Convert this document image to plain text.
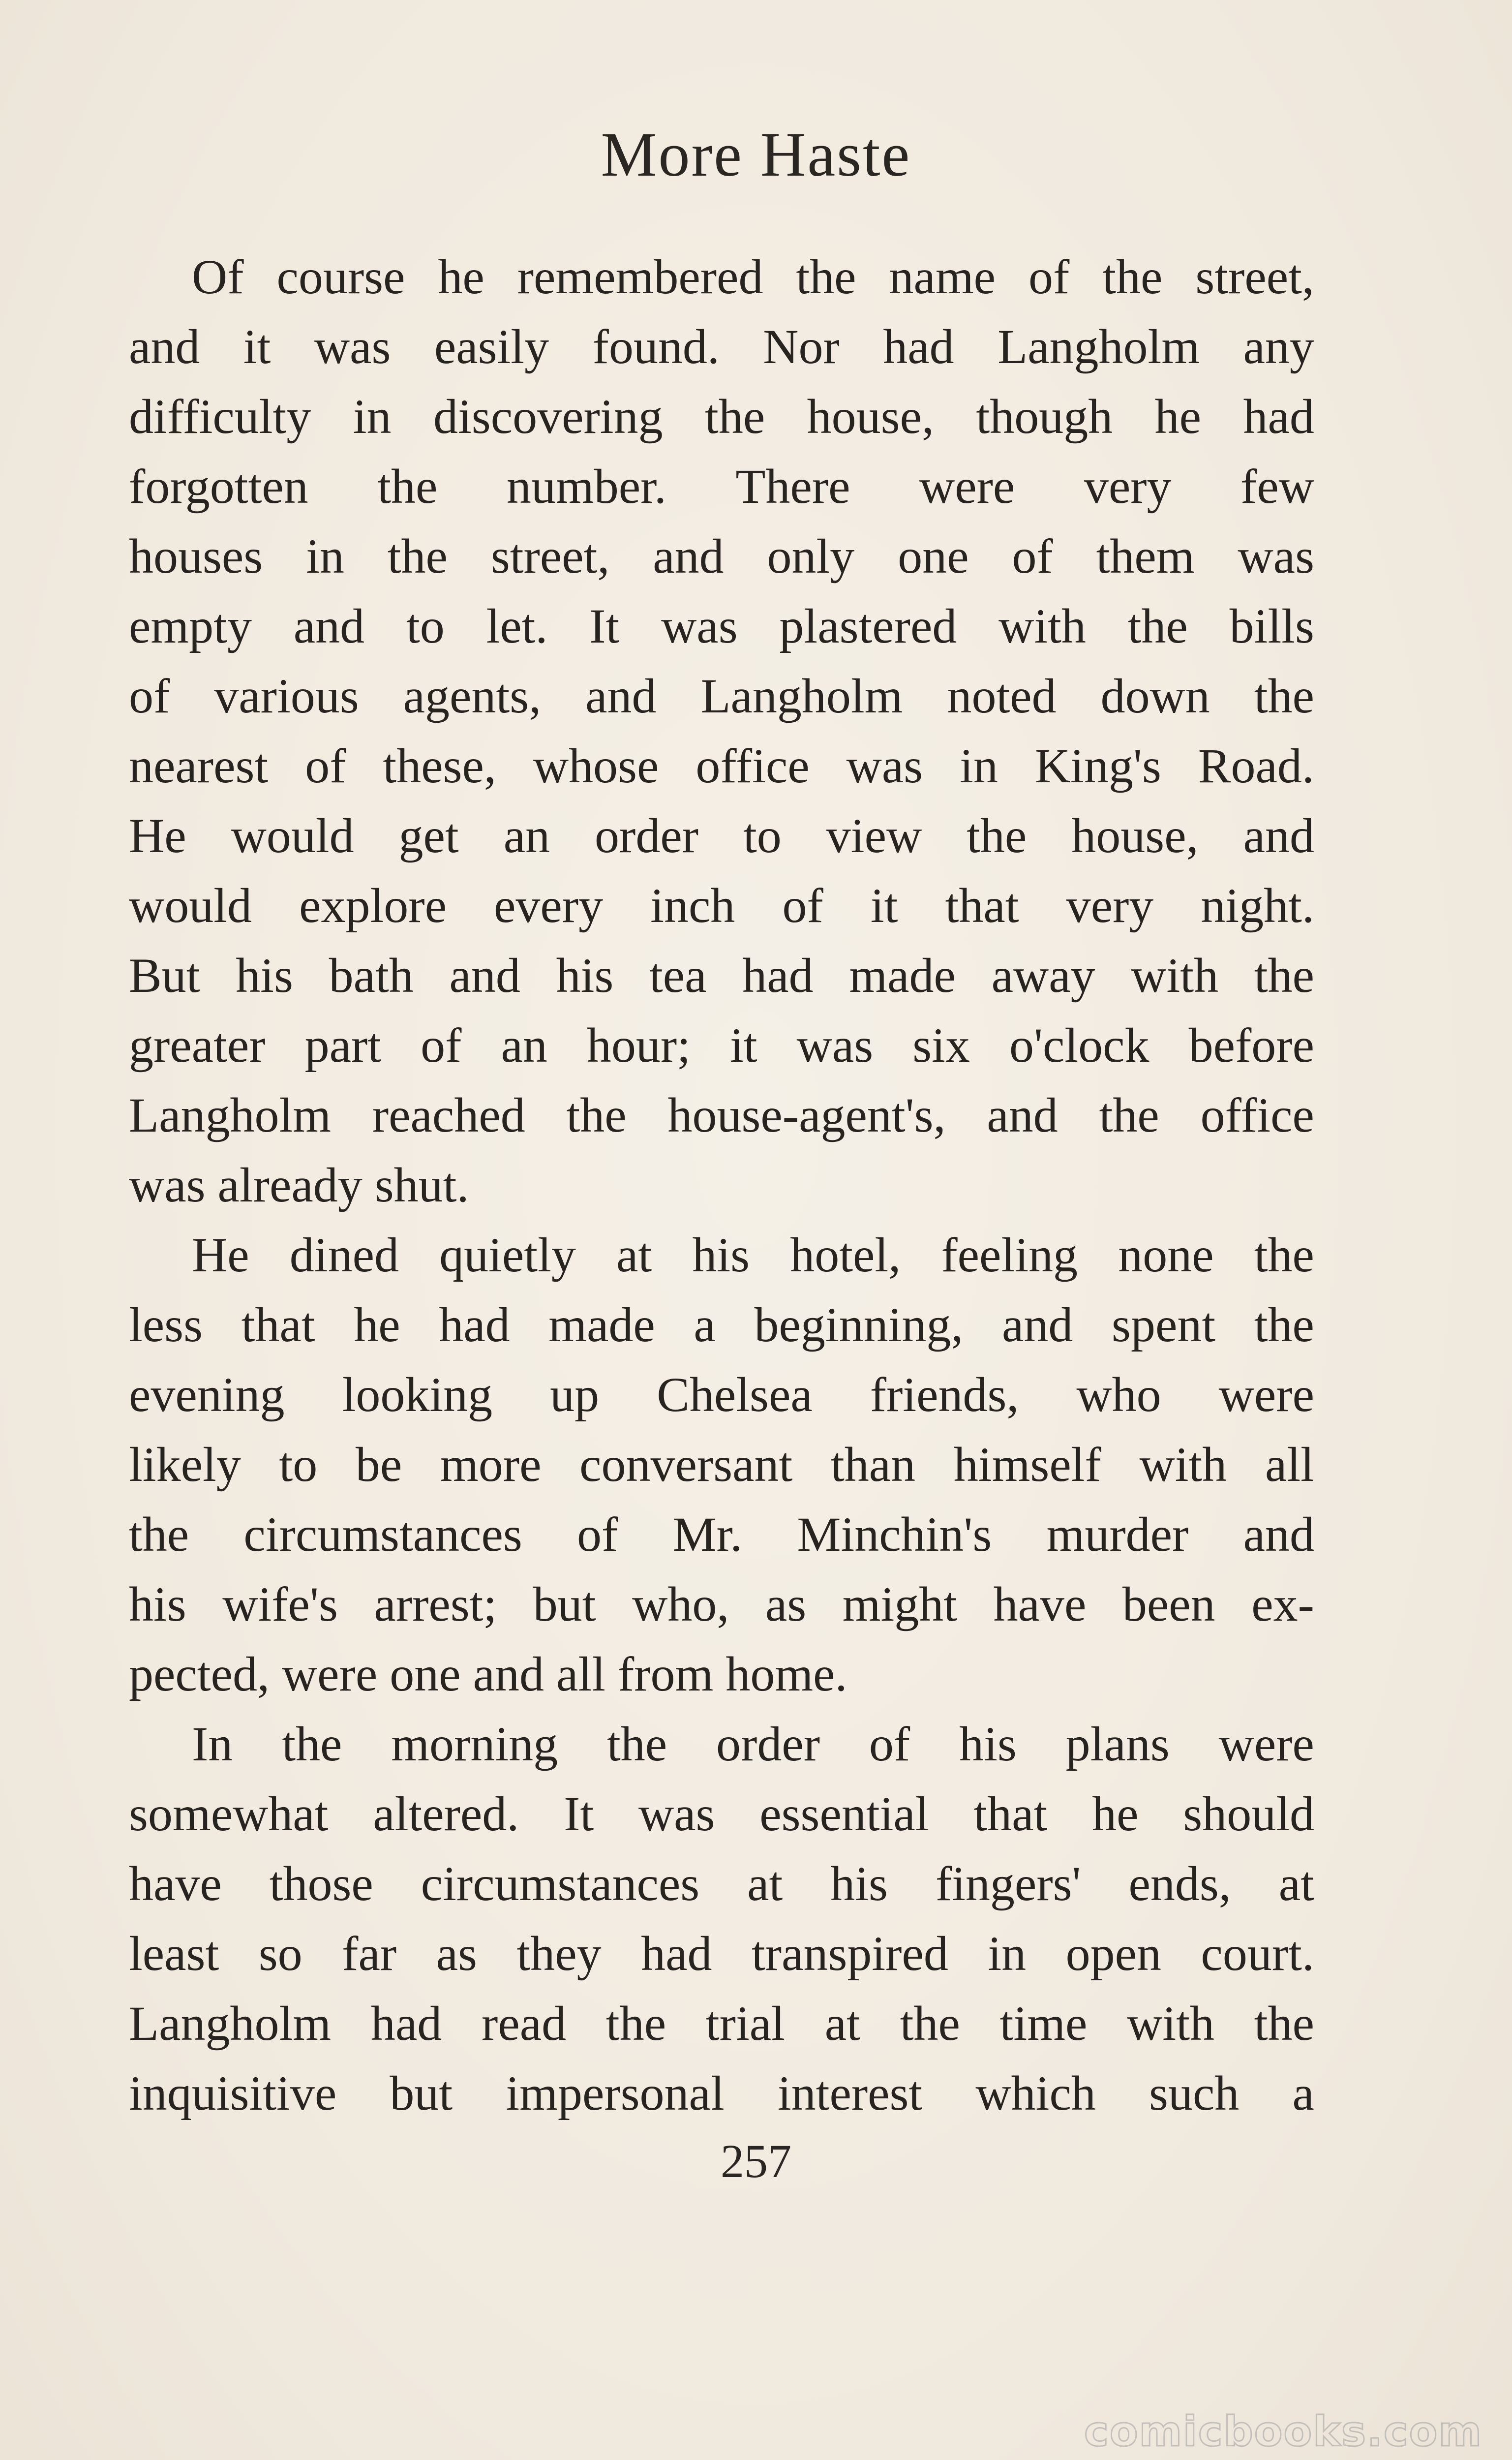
More Haste
Of course he remembered the name of the street,
and it was easily found. Nor had Langholm any
difficulty in discovering the house, though he had
forgotten the number. There were very few
houses in the street, and only one of them was
empty and to let. It was plastered with the bills
of various agents, and Langholm noted down the
nearest of these, whose office was in King's Road.
He would get an order to view the house, and
would explore every inch of it that very night.
But his bath and his tea had made away with the
greater part of an hour; it was six o'clock before
Langholm reached the house-agent's, and the office
was already shut.
He dined quietly at his hotel, feeling none the
less that he had made a beginning, and spent the
evening looking up Chelsea friends, who were
likely to be more conversant than himself with all
the circumstances of Mr. Minchin's murder and
his wife's arrest; but who, as might have been ex-
pected, were one and all from home.
In the morning the order of his plans were
somewhat altered. It was essential that he should
have those circumstances at his fingers' ends, at
least so far as they had transpired in open court.
Langholm had read the trial at the time with the
inquisitive but impersonal interest which such a
257
comicbooks.com
